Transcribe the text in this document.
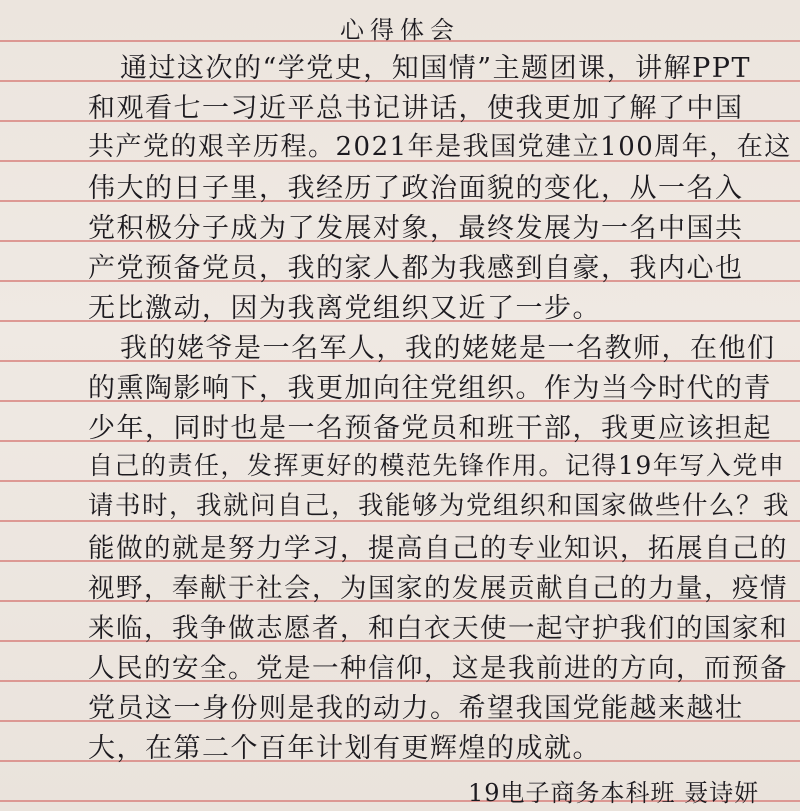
心得体会
通过这次的“学党史，知国情”主题团课，讲解PPT
和观看七一习近平总书记讲话，使我更加了解了中国
共产党的艰辛历程。2021年是我国党建立100周年，在这
伟大的日子里，我经历了政治面貌的变化，从一名入
党积极分子成为了发展对象，最终发展为一名中国共
产党预备党员，我的家人都为我感到自豪，我内心也
无比激动，因为我离党组织又近了一步。
我的姥爷是一名军人，我的姥姥是一名教师，在他们
的熏陶影响下，我更加向往党组织。作为当今时代的青
少年，同时也是一名预备党员和班干部，我更应该担起
自己的责任，发挥更好的模范先锋作用。记得19年写入党申
请书时，我就问自己，我能够为党组织和国家做些什么？我
能做的就是努力学习，提高自己的专业知识，拓展自己的
视野，奉献于社会，为国家的发展贡献自己的力量，疫情
来临，我争做志愿者，和白衣天使一起守护我们的国家和
人民的安全。党是一种信仰，这是我前进的方向，而预备
党员这一身份则是我的动力。希望我国党能越来越壮
大，在第二个百年计划有更辉煌的成就。
19电子商务本科班 聂诗妍
